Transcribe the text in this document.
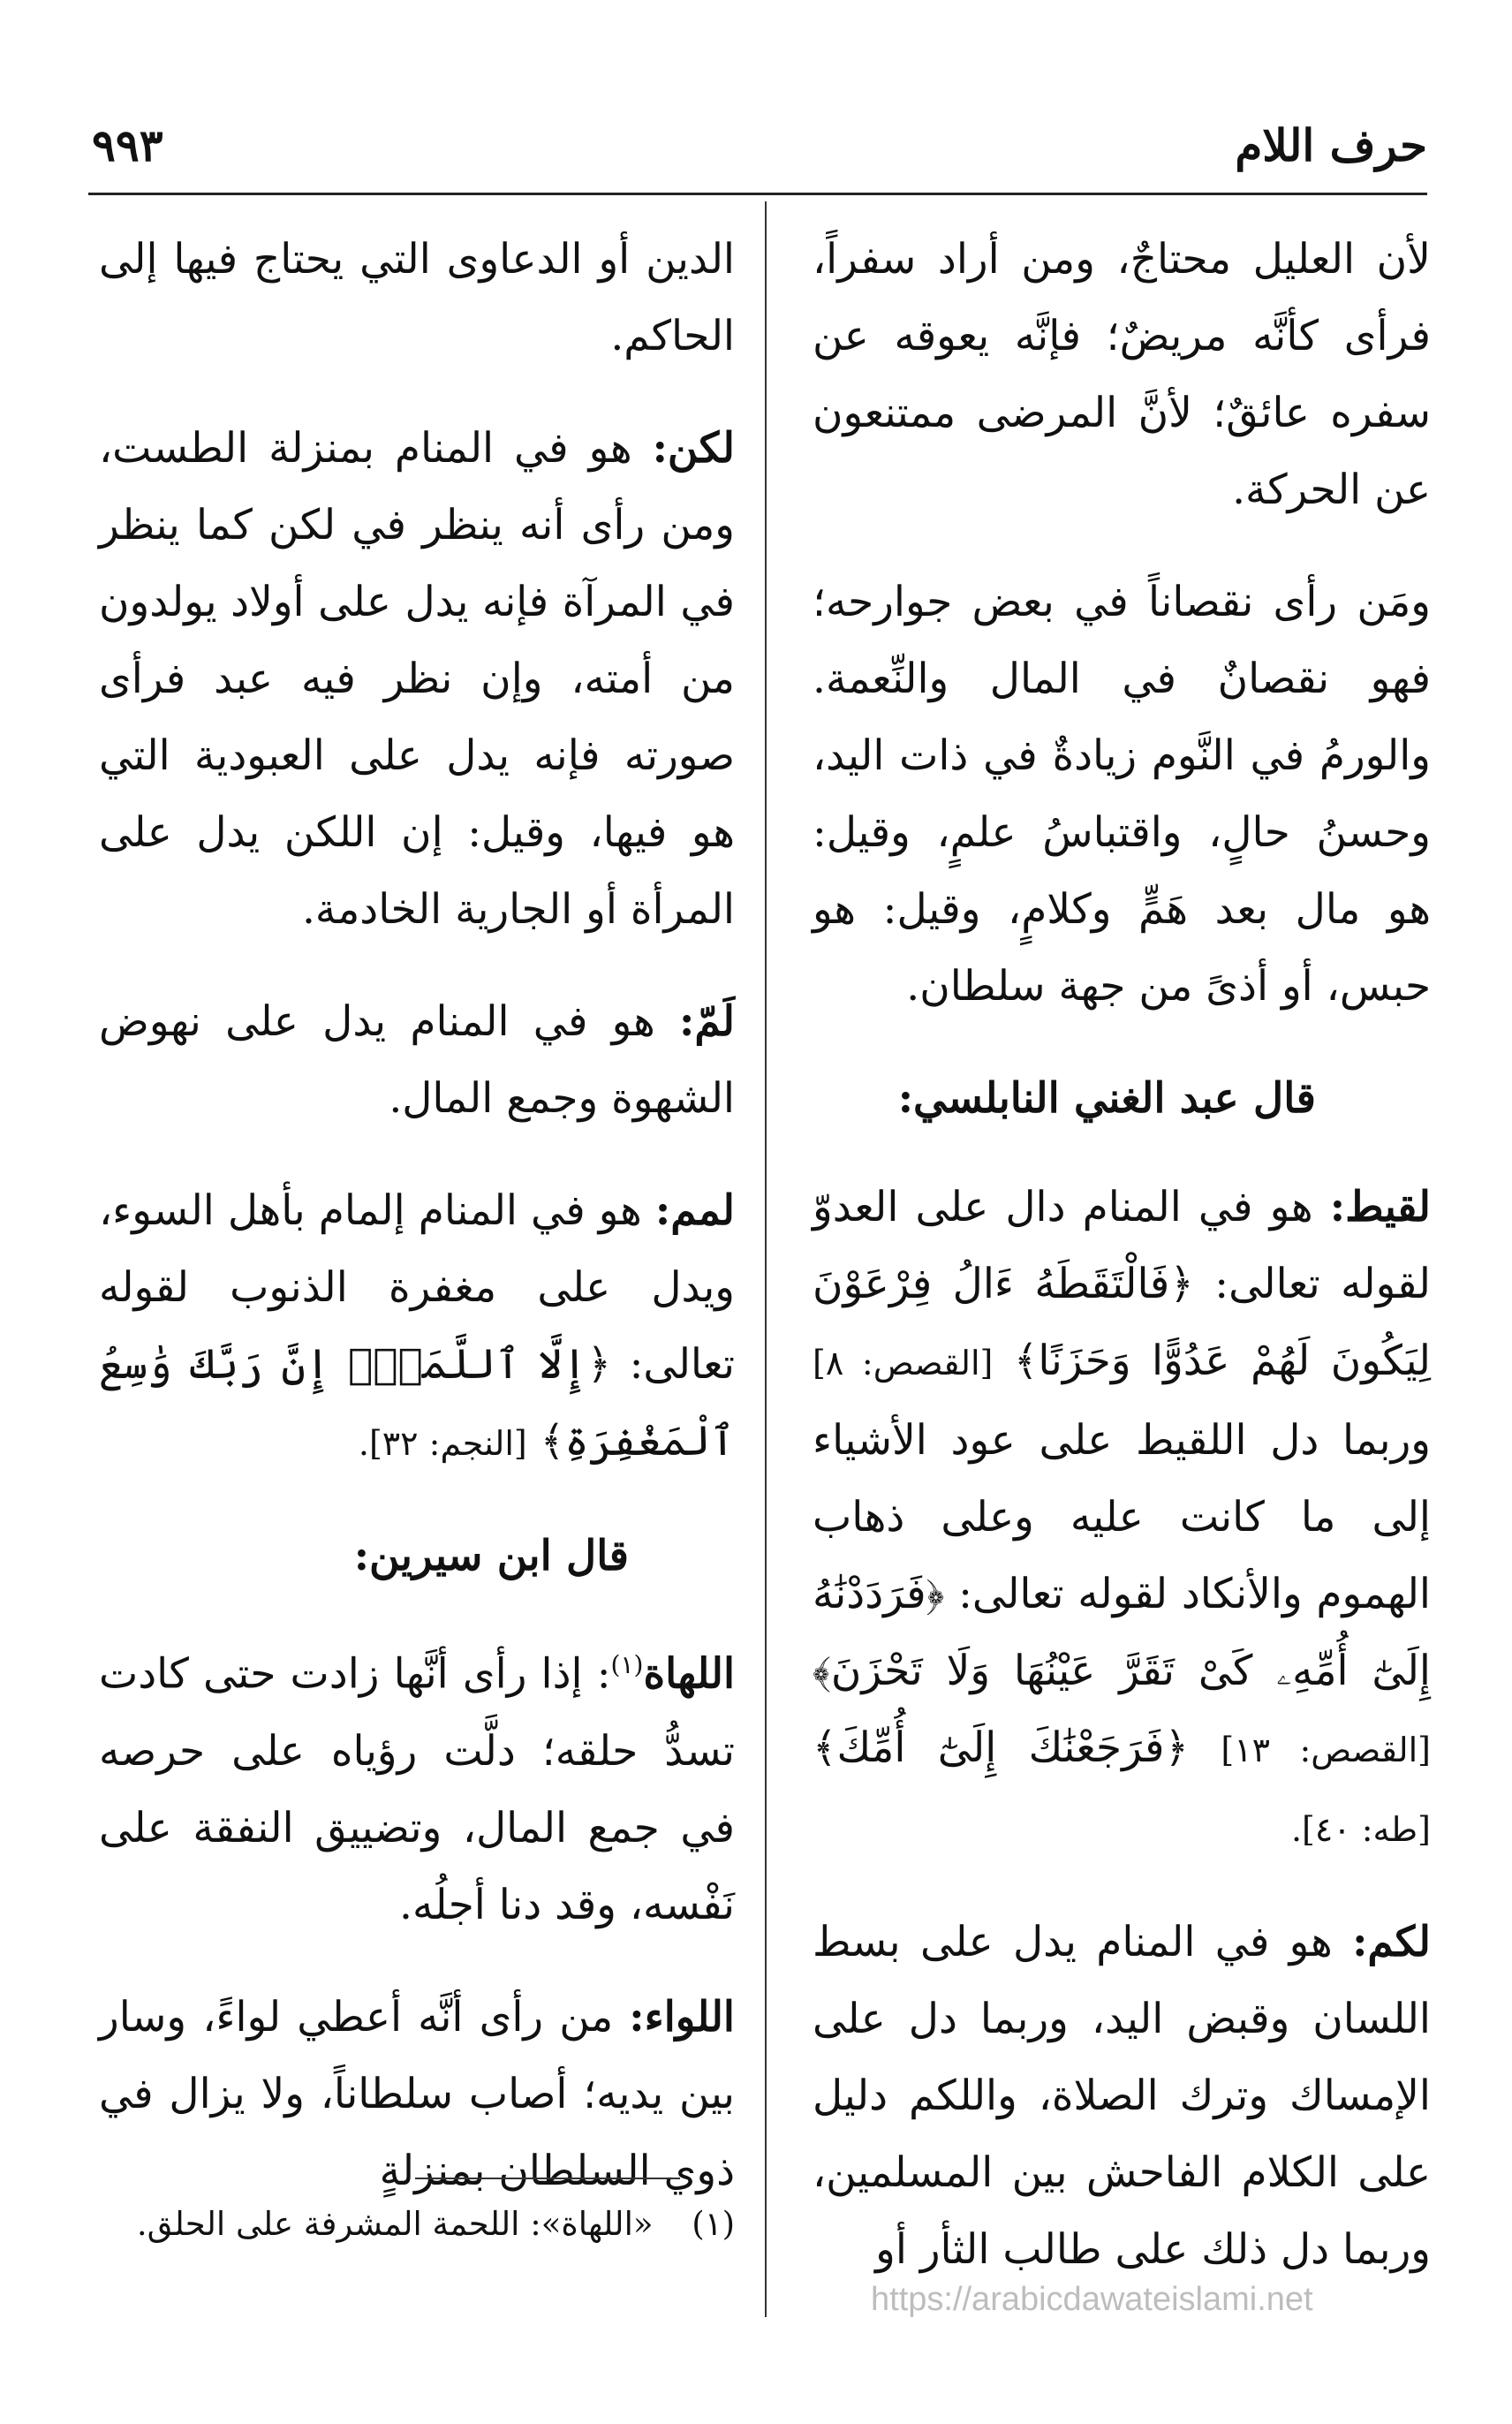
حرف اللام
٩٩٣

لأن العليل محتاجٌ، ومن أراد سفراً، فرأى كأنَّه مريضٌ؛ فإنَّه يعوقه عن سفره عائقٌ؛ لأنَّ المرضى ممتنعون عن الحركة.

ومَن رأى نقصاناً في بعض جوارحه؛ فهو نقصانٌ في المال والنِّعمة. والورمُ في النَّوم زيادةٌ في ذات اليد، وحسنُ حالٍ، واقتباسُ علمٍ، وقيل: هو مال بعد هَمٍّ وكلامٍ، وقيل: هو حبس، أو أذىً من جهة سلطان.

قال عبد الغني النابلسي:

لقيط: هو في المنام دال على العدوّ لقوله تعالى: ﴿فَالْتَقَطَهُ ءَالُ فِرْعَوْنَ لِيَكُونَ لَهُمْ عَدُوًّا وَحَزَنًا﴾ [القصص: ٨] وربما دل اللقيط على عود الأشياء إلى ما كانت عليه وعلى ذهاب الهموم والأنكاد لقوله تعالى: ﴿فَرَدَدْنَٰهُ إِلَىٰٓ أُمِّهِۦ كَىْ تَقَرَّ عَيْنُهَا وَلَا تَحْزَنَ﴾ [القصص: ١٣] ﴿فَرَجَعْنَٰكَ إِلَىٰٓ أُمِّكَ﴾ [طه: ٤٠].

لكم: هو في المنام يدل على بسط اللسان وقبض اليد، وربما دل على الإمساك وترك الصلاة، واللكم دليل على الكلام الفاحش بين المسلمين، وربما دل ذلك على طالب الثأر أو

الدين أو الدعاوى التي يحتاج فيها إلى الحاكم.

لكن: هو في المنام بمنزلة الطست، ومن رأى أنه ينظر في لكن كما ينظر في المرآة فإنه يدل على أولاد يولدون من أمته، وإن نظر فيه عبد فرأى صورته فإنه يدل على العبودية التي هو فيها، وقيل: إن اللكن يدل على المرأة أو الجارية الخادمة.

لَمّ: هو في المنام يدل على نهوض الشهوة وجمع المال.

لمم: هو في المنام إلمام بأهل السوء، ويدل على مغفرة الذنوب لقوله تعالى: ﴿إِلَّا ٱللَّمَمَۚ إِنَّ رَبَّكَ وَٰسِعُ ٱلْمَغْفِرَةِ﴾ [النجم: ٣٢].

قال ابن سيرين:

اللهاة$^{(١)}$: إذا رأى أنَّها زادت حتى كادت تسدُّ حلقه؛ دلَّت رؤياه على حرصه في جمع المال، وتضييق النفقة على نَفْسه، وقد دنا أجلُه.

اللواء: من رأى أنَّه أعطي لواءً، وسار بين يديه؛ أصاب سلطاناً، ولا يزال في ذوي السلطان بمنزلةٍ

(١) «اللهاة»: اللحمة المشرفة على الحلق.
https://arabicdawateislami.net
